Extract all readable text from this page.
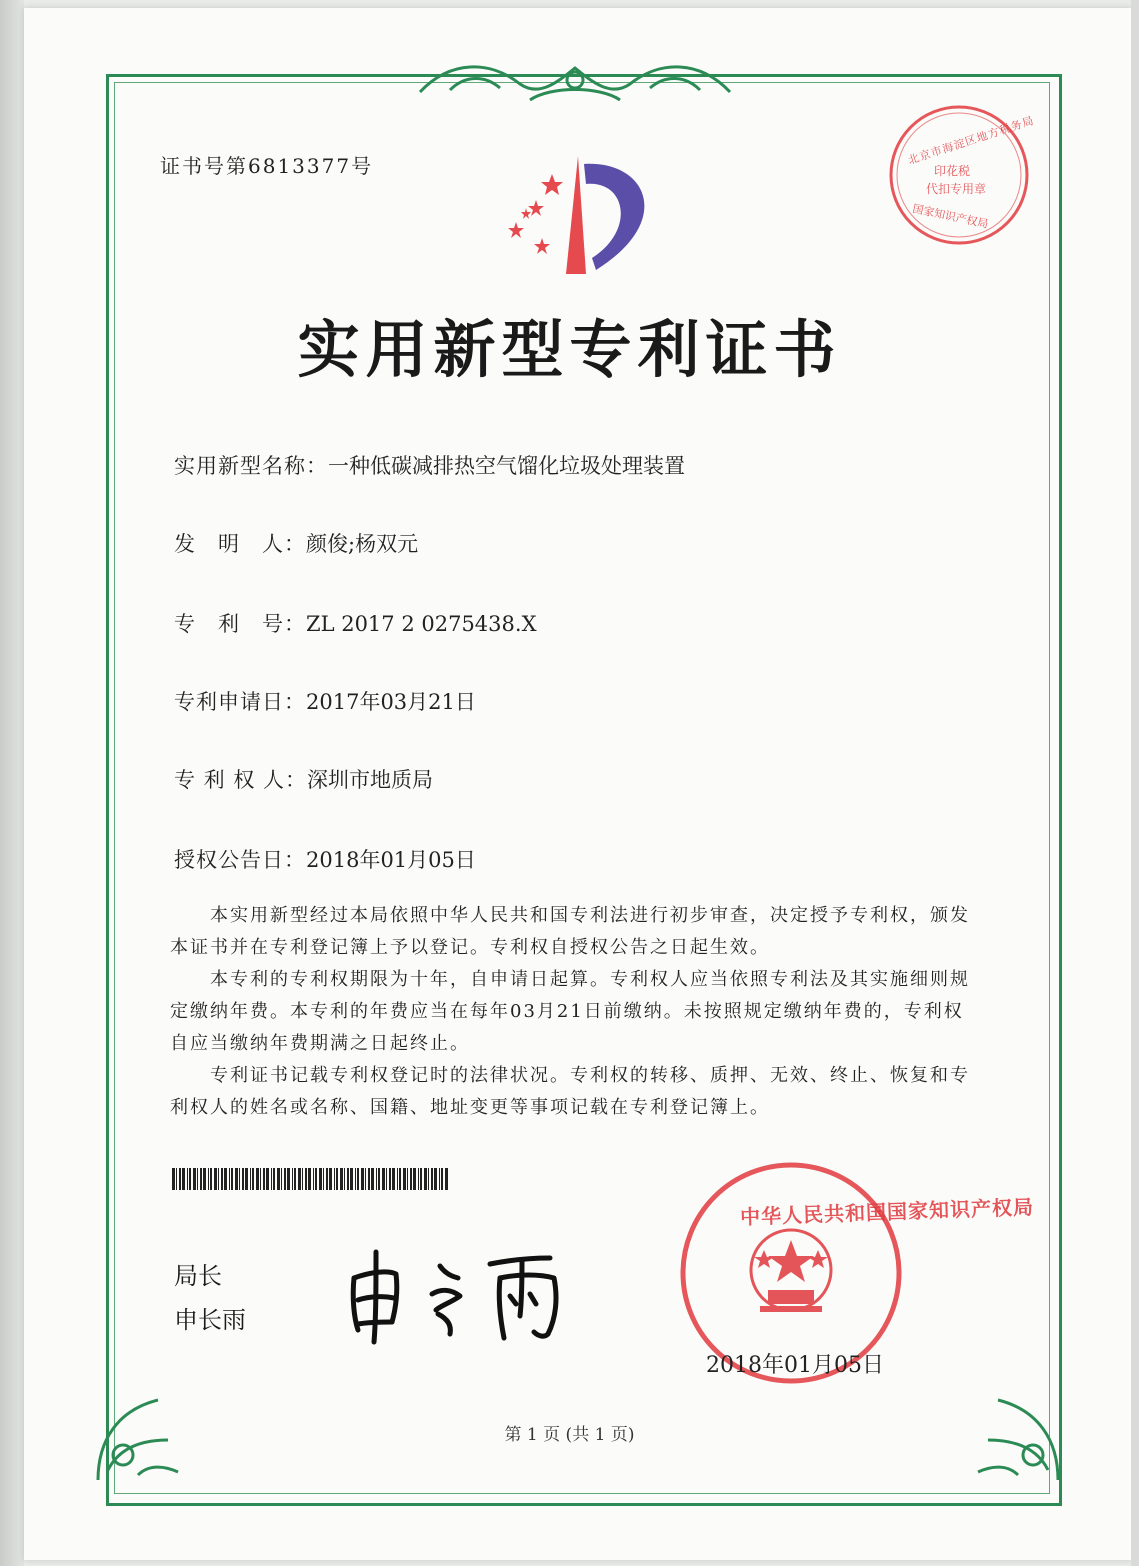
证书号第6813377号	北京市海淀区地方税务局
印花税
代扣专用章
国家知识产权局
实用新型专利证书
实用新型名称：一种低碳减排热空气馏化垃圾处理装置
发　明　人：颜俊;杨双元
专　利　号：ZL 2017 2 0275438.X
专利申请日：2017年03月21日
专 利 权 人：深圳市地质局
授权公告日：2018年01月05日

本实用新型经过本局依照中华人民共和国专利法进行初步审查，决定授予专利权，颁发本证书并在专利登记簿上予以登记。专利权自授权公告之日起生效。

本专利的专利权期限为十年，自申请日起算。专利权人应当依照专利法及其实施细则规定缴纳年费。本专利的年费应当在每年03月21日前缴纳。未按照规定缴纳年费的，专利权自应当缴纳年费期满之日起终止。

专利证书记载专利权登记时的法律状况。专利权的转移、质押、无效、终止、恢复和专利权人的姓名或名称、国籍、地址变更等事项记载在专利登记簿上。

局长
申长雨
中华人民共和国国家知识产权局
2018年01月05日
第 1 页 (共 1 页)
